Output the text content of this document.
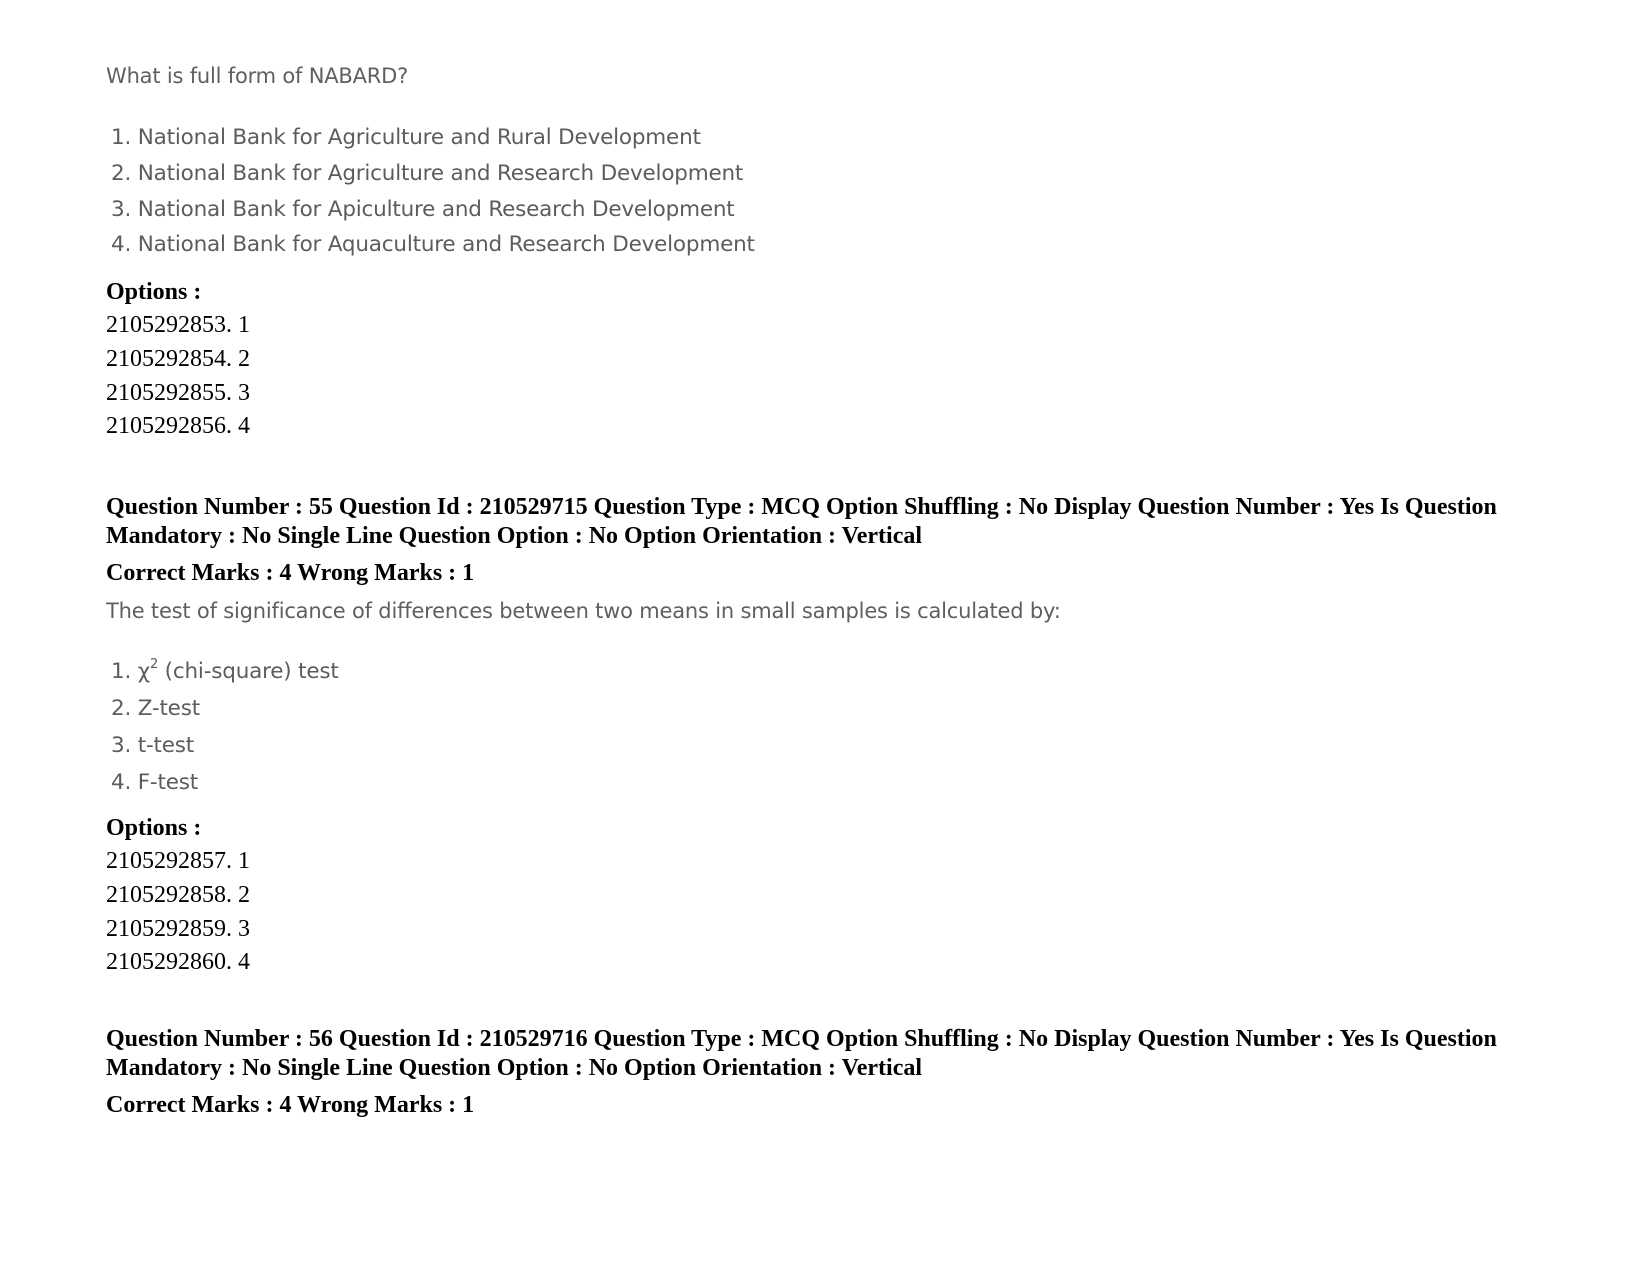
What is full form of NABARD?
1. National Bank for Agriculture and Rural Development
2. National Bank for Agriculture and Research Development
3. National Bank for Apiculture and Research Development
4. National Bank for Aquaculture and Research Development
Options :
2105292853. 1
2105292854. 2
2105292855. 3
2105292856. 4
Question Number : 55 Question Id : 210529715 Question Type : MCQ Option Shuffling : No Display Question Number : Yes Is Question Mandatory : No Single Line Question Option : No Option Orientation : Vertical
Correct Marks : 4 Wrong Marks : 1
The test of significance of differences between two means in small samples is calculated by:
1. $\chi^2$ (chi-square) test
2. Z-test
3. t-test
4. F-test
Options :
2105292857. 1
2105292858. 2
2105292859. 3
2105292860. 4
Question Number : 56 Question Id : 210529716 Question Type : MCQ Option Shuffling : No Display Question Number : Yes Is Question Mandatory : No Single Line Question Option : No Option Orientation : Vertical
Correct Marks : 4 Wrong Marks : 1
